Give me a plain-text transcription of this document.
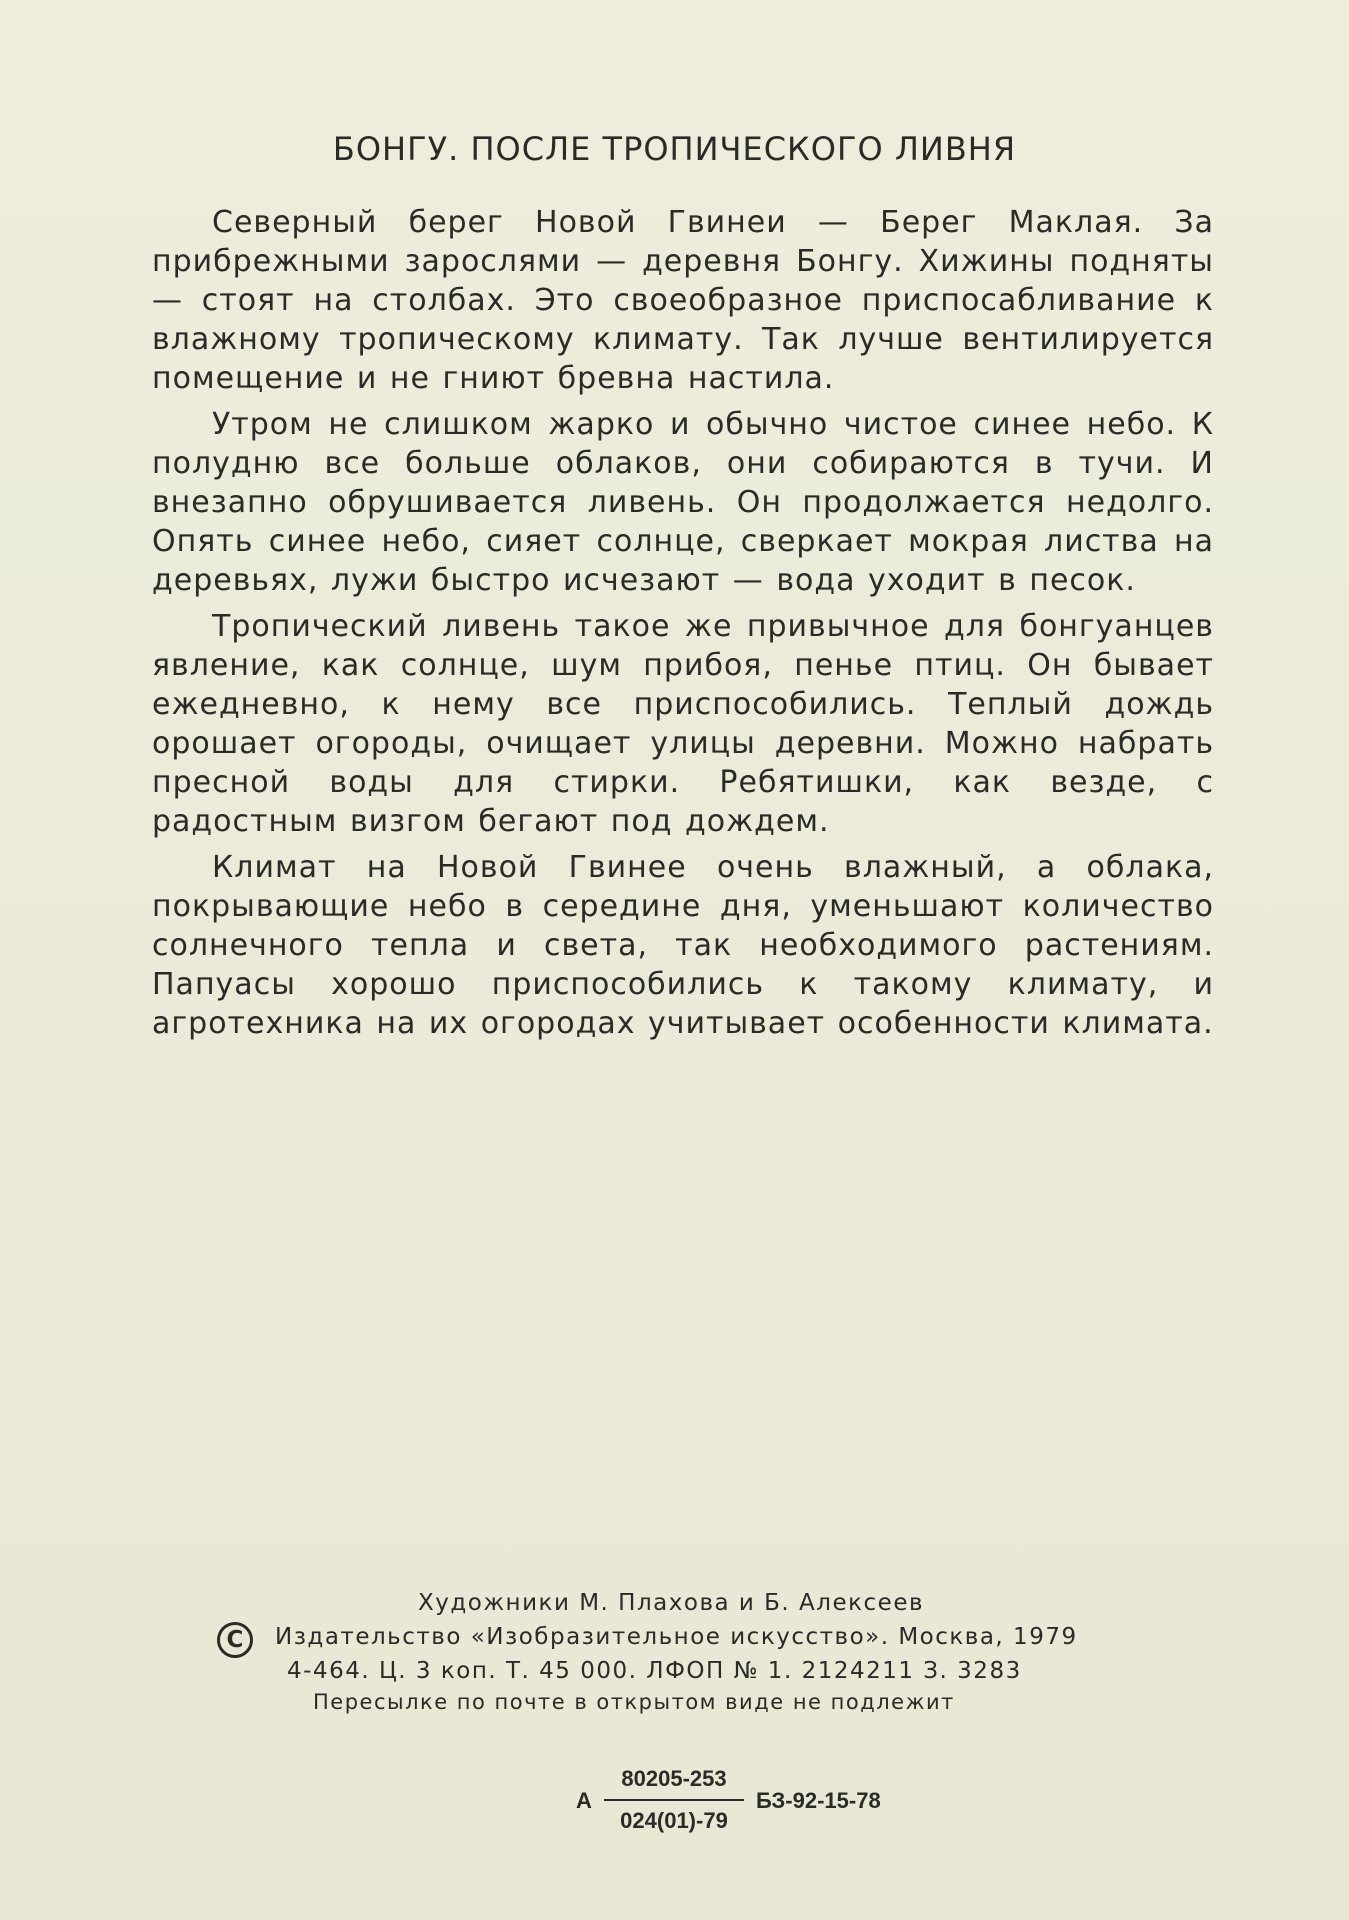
БОНГУ. ПОСЛЕ ТРОПИЧЕСКОГО ЛИВНЯ

Северный берег Новой Гвинеи — Берег Маклая. За прибрежными зарослями — деревня Бонгу. Хижины подняты — стоят на столбах. Это своеобразное приспосабливание к влажному тропическому климату. Так лучше вентилируется помещение и не гниют бревна настила.

Утром не слишком жарко и обычно чистое синее небо. К полудню все больше облаков, они собираются в тучи. И внезапно обрушивается ливень. Он продолжается недолго. Опять синее небо, сияет солнце, сверкает мокрая листва на деревьях, лужи быстро исчезают — вода уходит в песок.

Тропический ливень такое же привычное для бонгуанцев явление, как солнце, шум прибоя, пенье птиц. Он бывает ежедневно, к нему все приспособились. Теплый дождь орошает огороды, очищает улицы деревни. Можно набрать пресной воды для стирки. Ребятишки, как везде, с радостным визгом бегают под дождем.

Климат на Новой Гвинее очень влажный, а облака, покрывающие небо в середине дня, уменьшают количество солнечного тепла и света, так необходимого растениям. Папуасы хорошо приспособились к такому климату, и агротехника на их огородах учитывает особенности климата.

Художники М. Плахова и Б. Алексеев
C	Издательство «Изобразительное искусство». Москва, 1979
4-464. Ц. 3 коп. Т. 45 000. ЛФОП № 1. 2124211 З. 3283
Пересылке по почте в открытом виде не подлежит
А
80205-253
024(01)-79
БЗ-92-15-78
